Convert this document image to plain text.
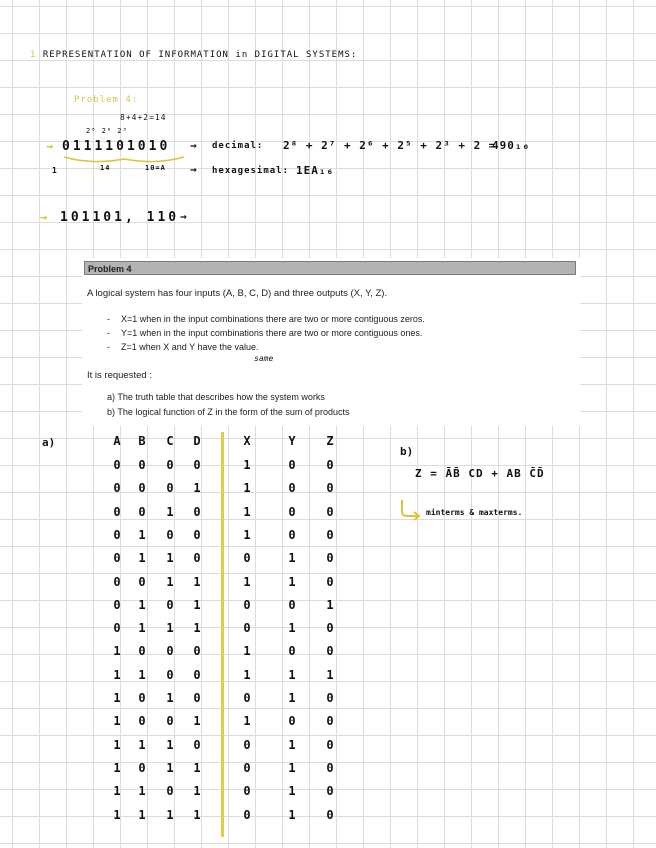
1 REPRESENTATION OF INFORMATION in DIGITAL SYSTEMS:
Problem 4:
8+4+2=14
2⁸ 2⁶ 2³
→ 0111101010 → decimal: 2⁸ + 2⁷ + 2⁶ + 2⁵ + 2³ + 2 =
490₁₀
1	14	10=A → hexagesimal: 1EA₁₆
→ 101101, 110 →
Problem 4
A logical system has four inputs (A, B, C, D) and three outputs (X, Y, Z).
- X=1 when in the input combinations there are two or more contiguous zeros.
- Y=1 when in the input combinations there are two or more contiguous ones.
- Z=1 when X and Y have the value.
same
It is requested :
a) The truth table that describes how the system works
b) The logical function of Z in the form of the sum of products
a)	A B C D	X	Y	Z
0 0 0 0	1	0	0
0 0 0 1	1	0	0
0 0 1 0	1	0	0
0 1 0 0	1	0	0
0 1 1 0	0	1	0
0 0 1 1	1	1	0
0 1 0 1	0	0	1
0 1 1 1	0	1	0
1 0 0 0	1	0	0
1 1 0 0	1	1	1
1 0 1 0	0	1	0
1 0 0 1	1	0	0
1 1 1 0	0	1	0
1 0 1 1	0	1	0
1 1 0 1	0	1	0
1 1 1 1	0	1	0
b)
Z = ĀB̄ CD + AB C̄D̄
minterms & maxterms.
